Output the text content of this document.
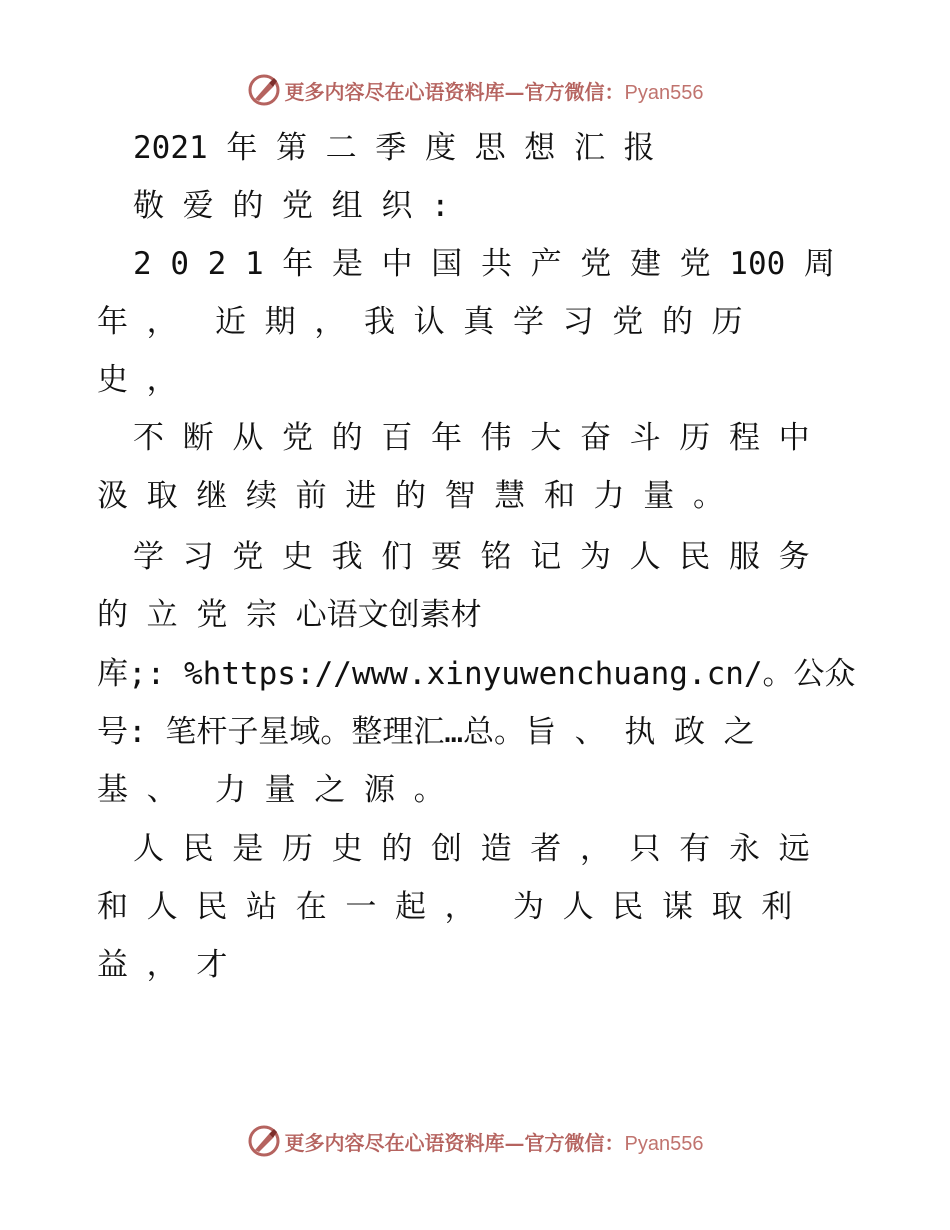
更多内容尽在心语资料库—官方微信：Pyan556
2021 年 第 二 季 度 思 想 汇 报
敬 爱 的 党 组 织 :
2 0 2 1 年 是 中 国 共 产 党 建 党 100 周
年 ，  近 期 ， 我 认 真 学 习 党 的 历
史 ，
不 断 从 党 的 百 年 伟 大 奋 斗 历 程 中
汲 取 继 续 前 进 的 智 慧 和 力 量 。
学 习 党 史 我 们 要 铭 记 为 人 民 服 务
的 立 党 宗 心语文创素材
库;: %https://www.xinyuwenchuang.cn/。公众
号: 笔杆子星域。整理汇…总。旨 、 执 政 之
基 、  力 量 之 源 。
人 民 是 历 史 的 创 造 者 ， 只 有 永 远
和 人 民 站 在 一 起 ，  为 人 民 谋 取 利
益 ， 才
更多内容尽在心语资料库—官方微信：Pyan556
